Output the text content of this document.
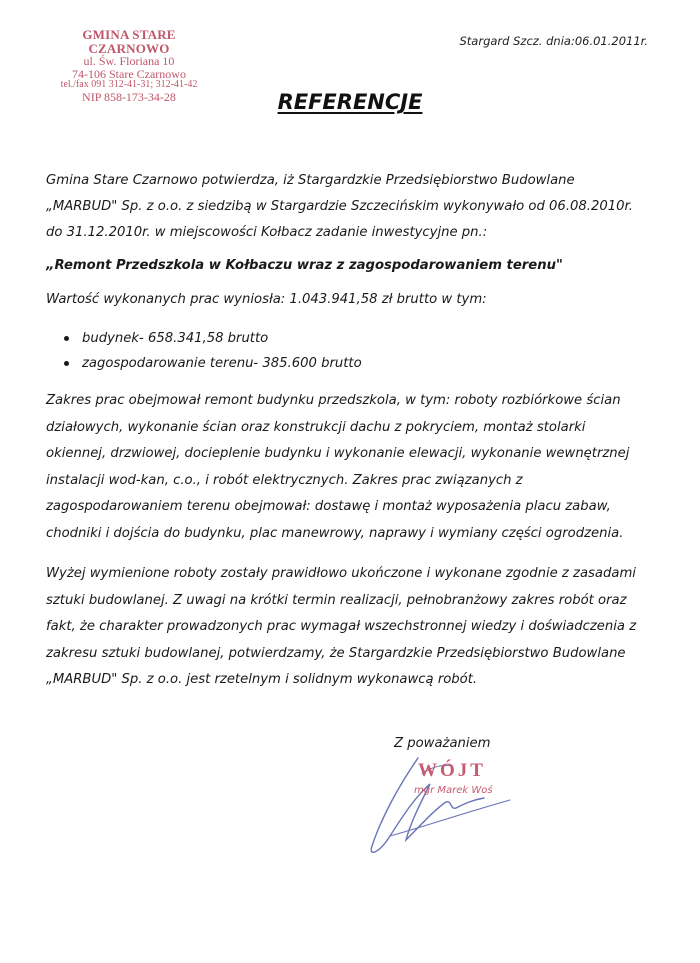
GMINA STARE CZARNOWO
ul. Św. Floriana 10
74-106 Stare Czarnowo
tel./fax 091 312-41-31; 312-41-42
NIP 858-173-34-28
Stargard Szcz. dnia:06.01.2011r.
REFERENCJE

Gmina Stare Czarnowo potwierdza, iż Stargardzkie Przedsiębiorstwo Budowlane
„MARBUD" Sp. z o.o. z siedzibą w Stargardzie Szczecińskim wykonywało od 06.08.2010r.
do 31.12.2010r. w miejscowości Kołbacz zadanie inwestycyjne pn.:

„Remont Przedszkola w Kołbaczu wraz z zagospodarowaniem terenu"

Wartość wykonanych prac wyniosła: 1.043.941,58 zł brutto w tym:

budynek- 658.341,58 brutto
zagospodarowanie terenu- 385.600 brutto

Zakres prac obejmował remont budynku przedszkola, w tym: roboty rozbiórkowe ścian
działowych, wykonanie ścian oraz konstrukcji dachu z pokryciem, montaż stolarki
okiennej, drzwiowej, docieplenie budynku i wykonanie elewacji, wykonanie wewnętrznej
instalacji wod-kan, c.o., i robót elektrycznych. Zakres prac związanych z
zagospodarowaniem terenu obejmował: dostawę i montaż wyposażenia placu zabaw,
chodniki i dojścia do budynku, plac manewrowy, naprawy i wymiany części ogrodzenia.

Wyżej wymienione roboty zostały prawidłowo ukończone i wykonane zgodnie z zasadami
sztuki budowlanej. Z uwagi na krótki termin realizacji, pełnobranżowy zakres robót oraz
fakt, że charakter prowadzonych prac wymagał wszechstronnej wiedzy i doświadczenia z
zakresu sztuki budowlanej, potwierdzamy, że Stargardzkie Przedsiębiorstwo Budowlane
„MARBUD" Sp. z o.o. jest rzetelnym i solidnym wykonawcą robót.

Z poważaniem
WÓJT
mgr Marek Woś
